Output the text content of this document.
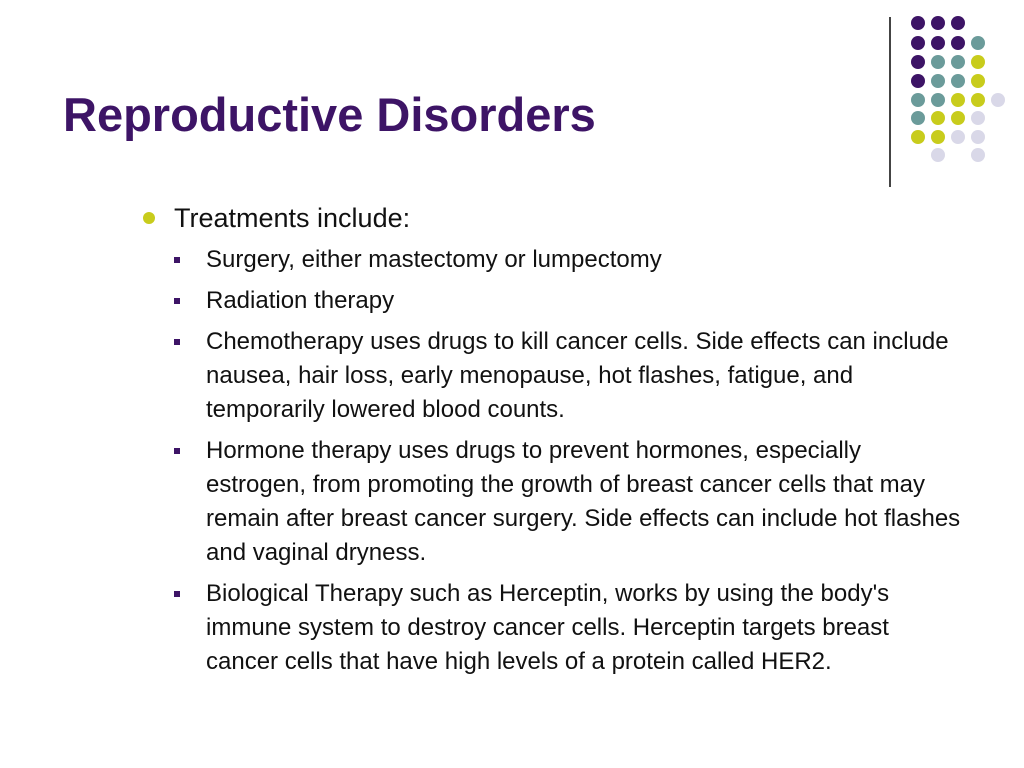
Reproductive Disorders
Treatments include:
Surgery, either mastectomy or lumpectomy
Radiation therapy
Chemotherapy uses drugs to kill cancer cells. Side effects can include nausea, hair loss, early menopause, hot flashes, fatigue, and temporarily lowered blood counts.
Hormone therapy uses drugs to prevent hormones, especially estrogen, from promoting the growth of breast cancer cells that may remain after breast cancer surgery. Side effects can include hot flashes and vaginal dryness.
Biological Therapy such as Herceptin, works by using the body's immune system to destroy cancer cells. Herceptin targets breast cancer cells that have high levels of a protein called HER2.
